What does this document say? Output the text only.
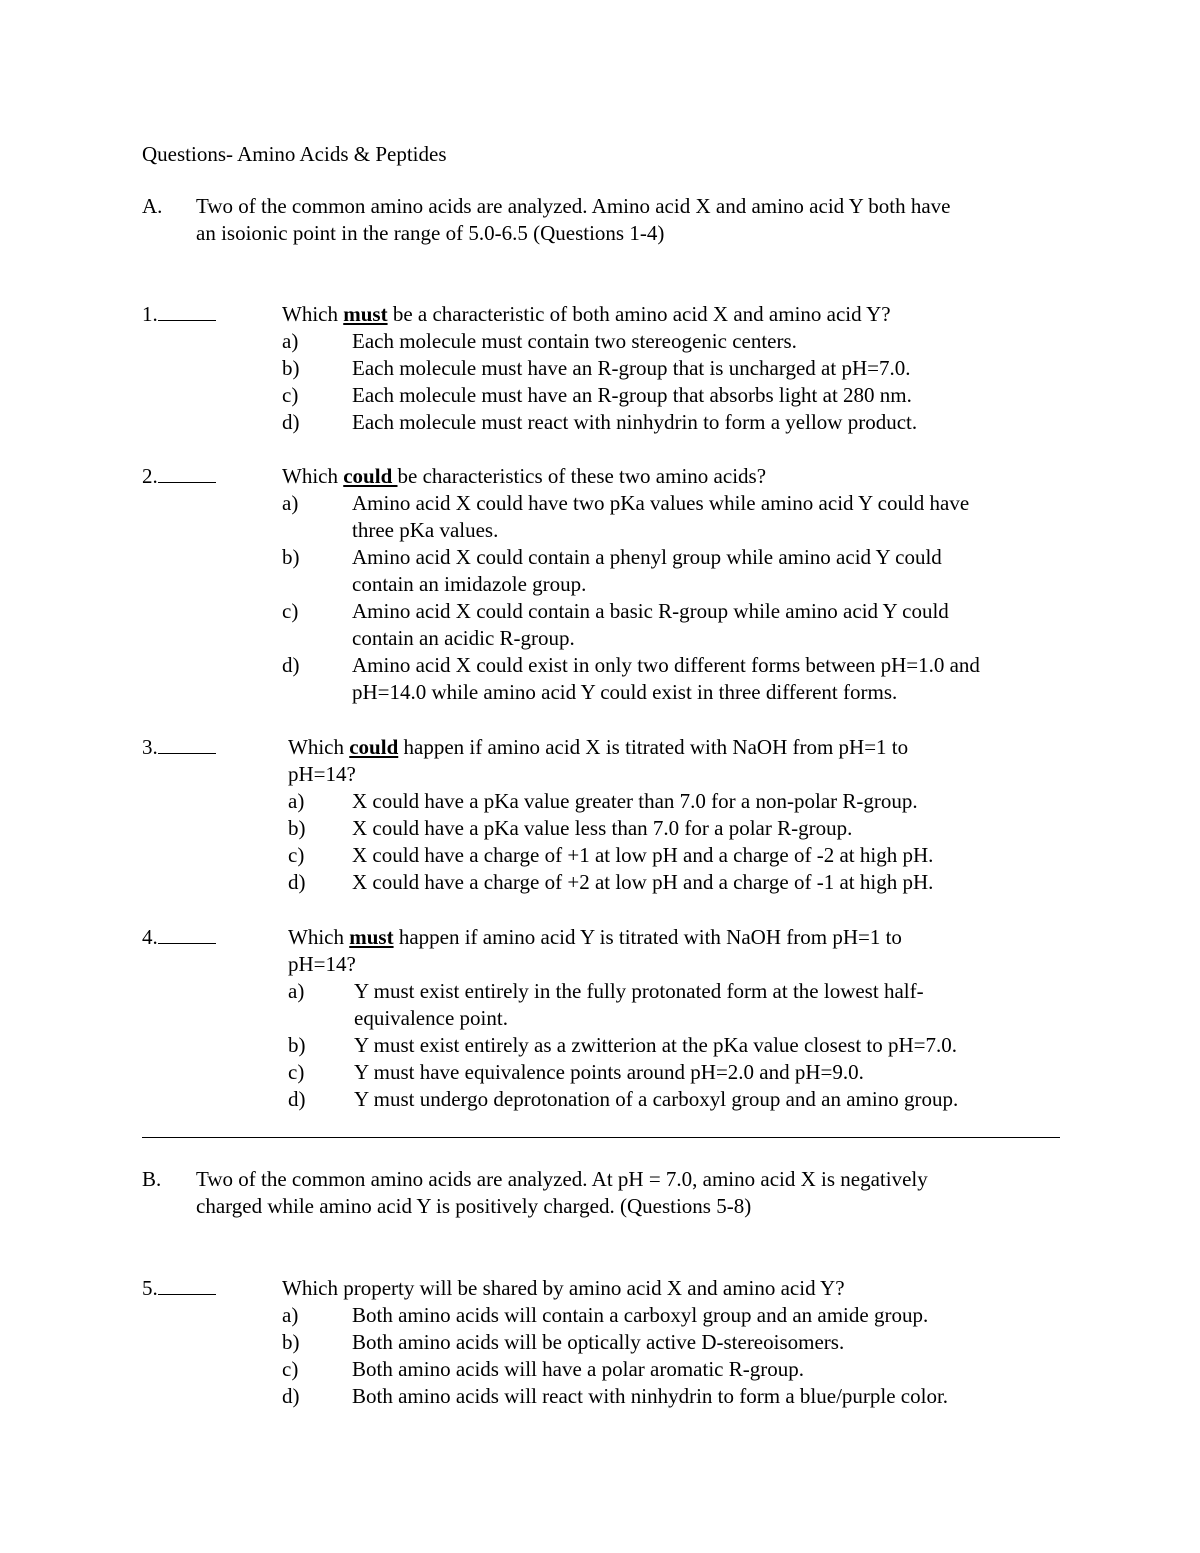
Questions- Amino Acids & Peptides
A. Two of the common amino acids are analyzed. Amino acid X and amino acid Y both have
an isoionic point in the range of 5.0-6.5 (Questions 1-4)
1.	Which must be a characteristic of both amino acid X and amino acid Y?
a)	Each molecule must contain two stereogenic centers.
b)	Each molecule must have an R-group that is uncharged at pH=7.0.
c)	Each molecule must have an R-group that absorbs light at 280 nm.
d)	Each molecule must react with ninhydrin to form a yellow product.
2.	Which could be characteristics of these two amino acids?
a)	Amino acid X could have two pKa values while amino acid Y could have
three pKa values.
b)	Amino acid X could contain a phenyl group while amino acid Y could
contain an imidazole group.
c)	Amino acid X could contain a basic R-group while amino acid Y could
contain an acidic R-group.
d)	Amino acid X could exist in only two different forms between pH=1.0 and
pH=14.0 while amino acid Y could exist in three different forms.
3.	Which could happen if amino acid X is titrated with NaOH from pH=1 to
pH=14?
a) X could have a pKa value greater than 7.0 for a non-polar R-group.
b) X could have a pKa value less than 7.0 for a polar R-group.
c) X could have a charge of +1 at low pH and a charge of -2 at high pH.
d) X could have a charge of +2 at low pH and a charge of -1 at high pH.
4.	Which must happen if amino acid Y is titrated with NaOH from pH=1 to
pH=14?
a) Y must exist entirely in the fully protonated form at the lowest half-
equivalence point.
b) Y must exist entirely as a zwitterion at the pKa value closest to pH=7.0.
c) Y must have equivalence points around pH=2.0 and pH=9.0.
d) Y must undergo deprotonation of a carboxyl group and an amino group.
B. Two of the common amino acids are analyzed. At pH = 7.0, amino acid X is negatively
charged while amino acid Y is positively charged. (Questions 5-8)
5.	Which property will be shared by amino acid X and amino acid Y?
a)	Both amino acids will contain a carboxyl group and an amide group.
b)	Both amino acids will be optically active D-stereoisomers.
c)	Both amino acids will have a polar aromatic R-group.
d)	Both amino acids will react with ninhydrin to form a blue/purple color.
